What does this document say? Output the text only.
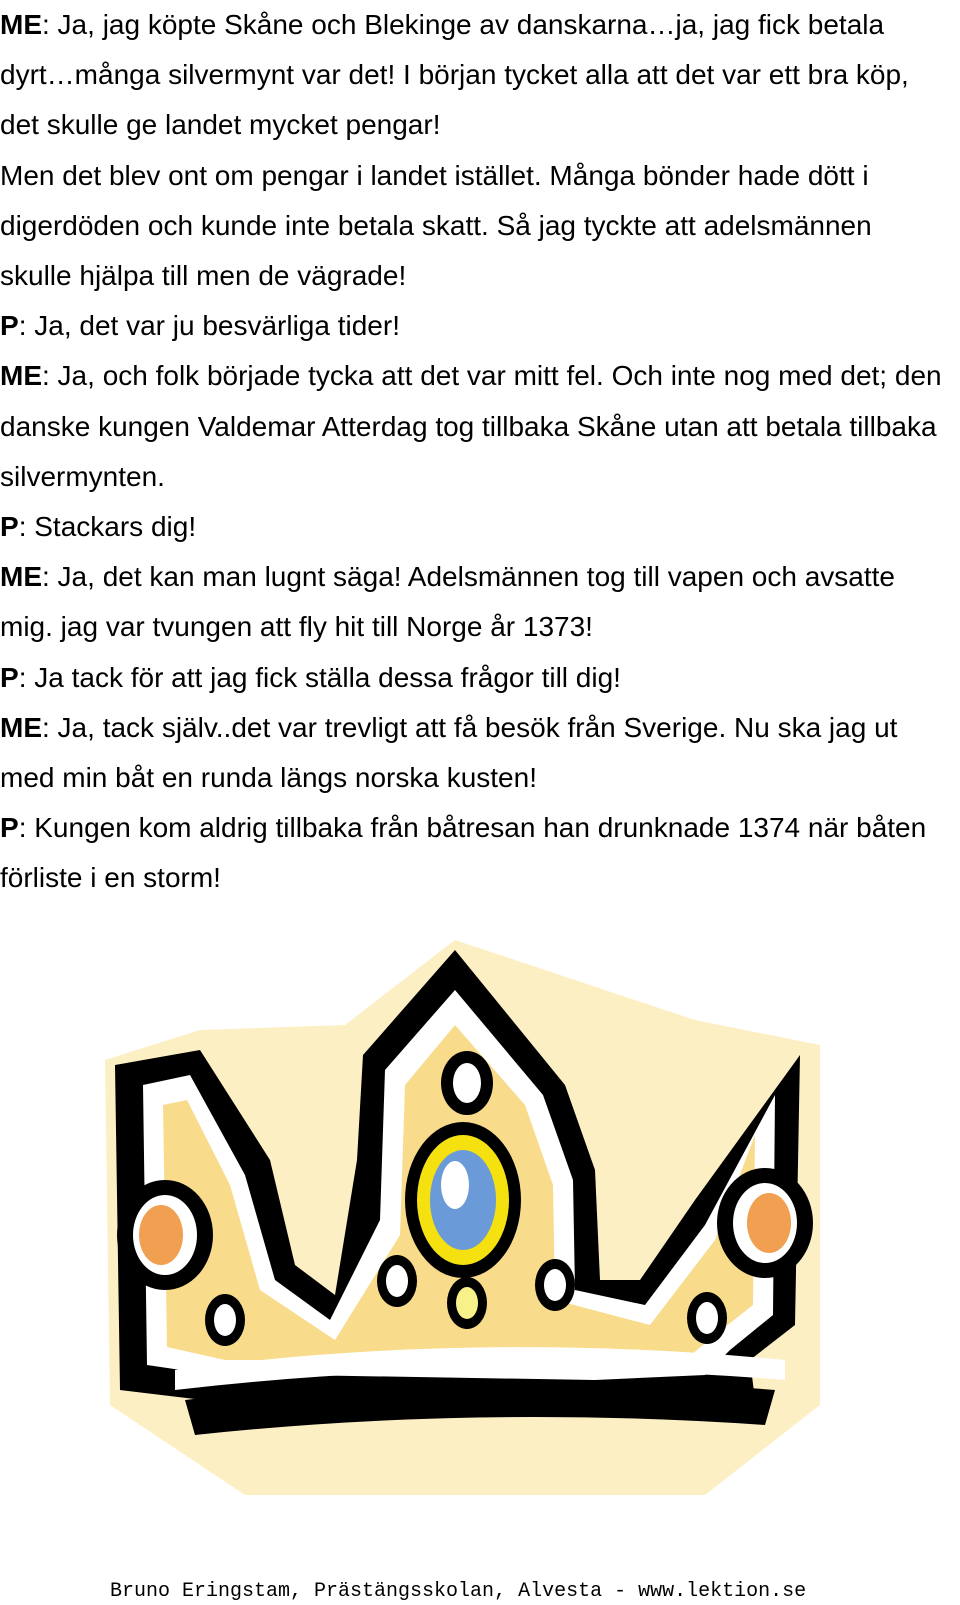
ME: Ja, jag köpte Skåne och Blekinge av danskarna…ja, jag fick betala dyrt…många silvermynt var det! I början tycket alla att det var ett bra köp, det skulle ge landet mycket pengar!

Men det blev ont om pengar i landet istället. Många bönder hade dött i digerdöden och kunde inte betala skatt. Så jag tyckte att adelsmännen skulle hjälpa till men de vägrade!

P: Ja, det var ju besvärliga tider!

ME: Ja, och folk började tycka att det var mitt fel. Och inte nog med det; den danske kungen Valdemar Atterdag tog tillbaka Skåne utan att betala tillbaka silvermynten.

P: Stackars dig!

ME: Ja, det kan man lugnt säga! Adelsmännen tog till vapen och avsatte mig. jag var tvungen att fly hit till Norge år 1373!

P: Ja tack för att jag fick ställa dessa frågor till dig!

ME: Ja, tack själv..det var trevligt att få besök från Sverige. Nu ska jag ut med min båt en runda längs norska kusten!

P: Kungen kom aldrig tillbaka från båtresan han drunknade 1374 när båten förliste i en storm!

Bruno Eringstam, Prästängsskolan, Alvesta - www.lektion.se
